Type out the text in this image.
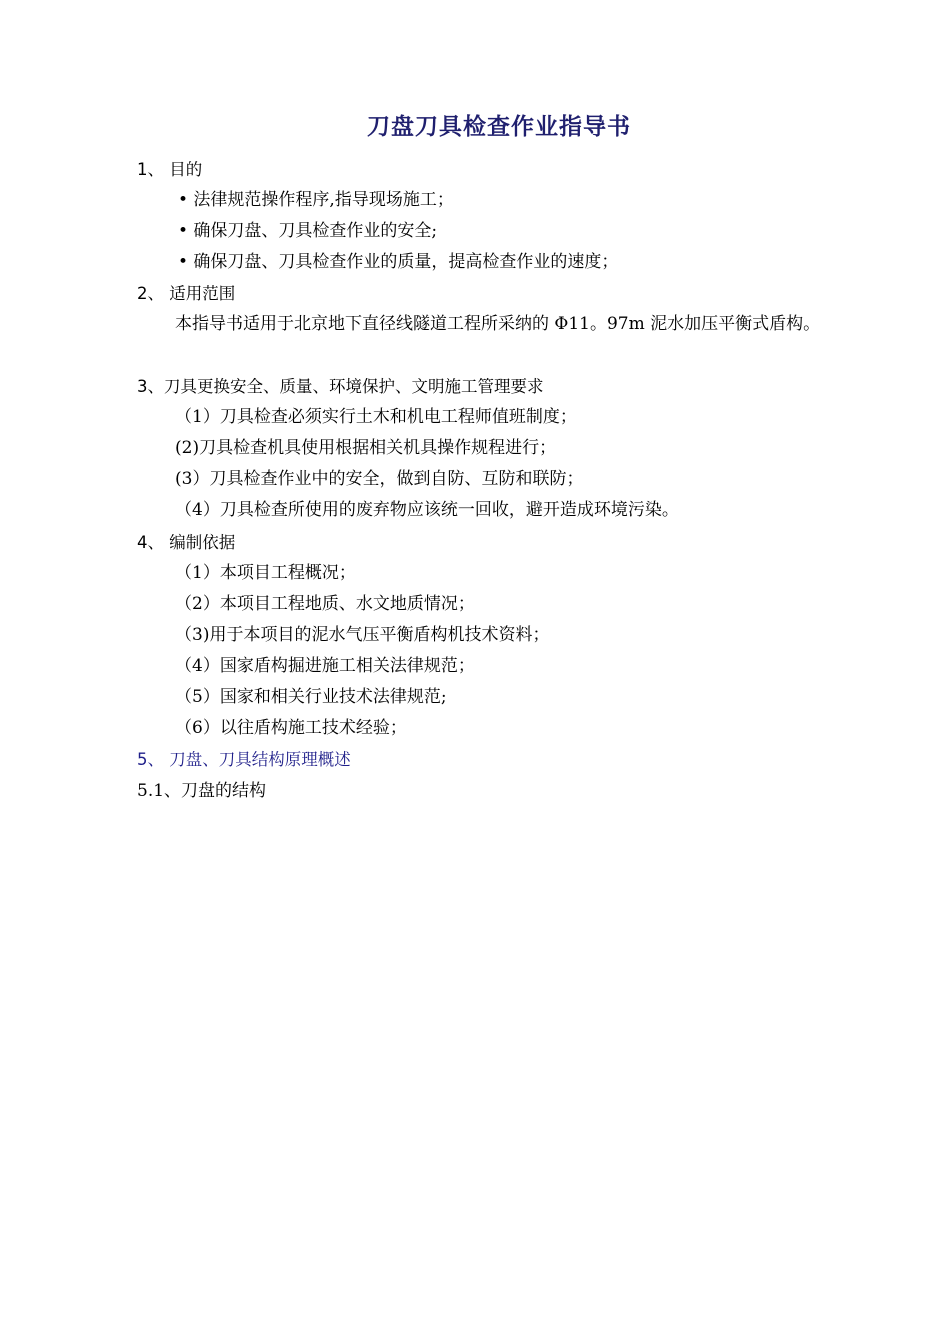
刀盘刀具检查作业指导书
1、 目的
• 法律规范操作程序,指导现场施工；
• 确保刀盘、刀具检查作业的安全;
• 确保刀盘、刀具检查作业的质量，提高检查作业的速度；
2、 适用范围
本指导书适用于北京地下直径线隧道工程所采纳的 Φ11。97m 泥水加压平衡式盾构。
3、刀具更换安全、质量、环境保护、文明施工管理要求
（1）刀具检查必须实行土木和机电工程师值班制度；
(2)刀具检查机具使用根据相关机具操作规程进行；
(3）刀具检查作业中的安全，做到自防、互防和联防；
（4）刀具检查所使用的废弃物应该统一回收，避开造成环境污染。
4、 编制依据
（1）本项目工程概况；
（2）本项目工程地质、水文地质情况；
（3)用于本项目的泥水气压平衡盾构机技术资料；
（4）国家盾构掘进施工相关法律规范；
（5）国家和相关行业技术法律规范;
（6）以往盾构施工技术经验；
5、 刀盘、刀具结构原理概述
5.1、刀盘的结构
